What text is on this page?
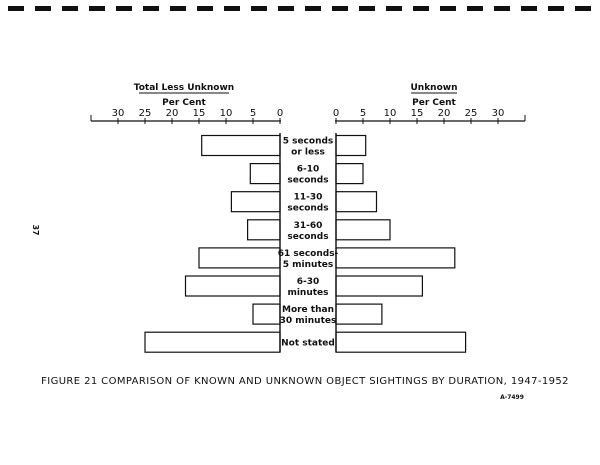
37
Total Less Unknown
Per Cent
30 25 20 15 10 5 0
Unknown
Per Cent
0 5 10 15 20 25 30
5 seconds
or less
6-10
seconds
11-30
seconds
31-60
seconds
61 seconds-
5 minutes
6-30
minutes
More than
30 minutes
Not stated
FIGURE 21 COMPARISON OF KNOWN AND UNKNOWN OBJECT SIGHTINGS BY DURATION, 1947-1952
A-7499
